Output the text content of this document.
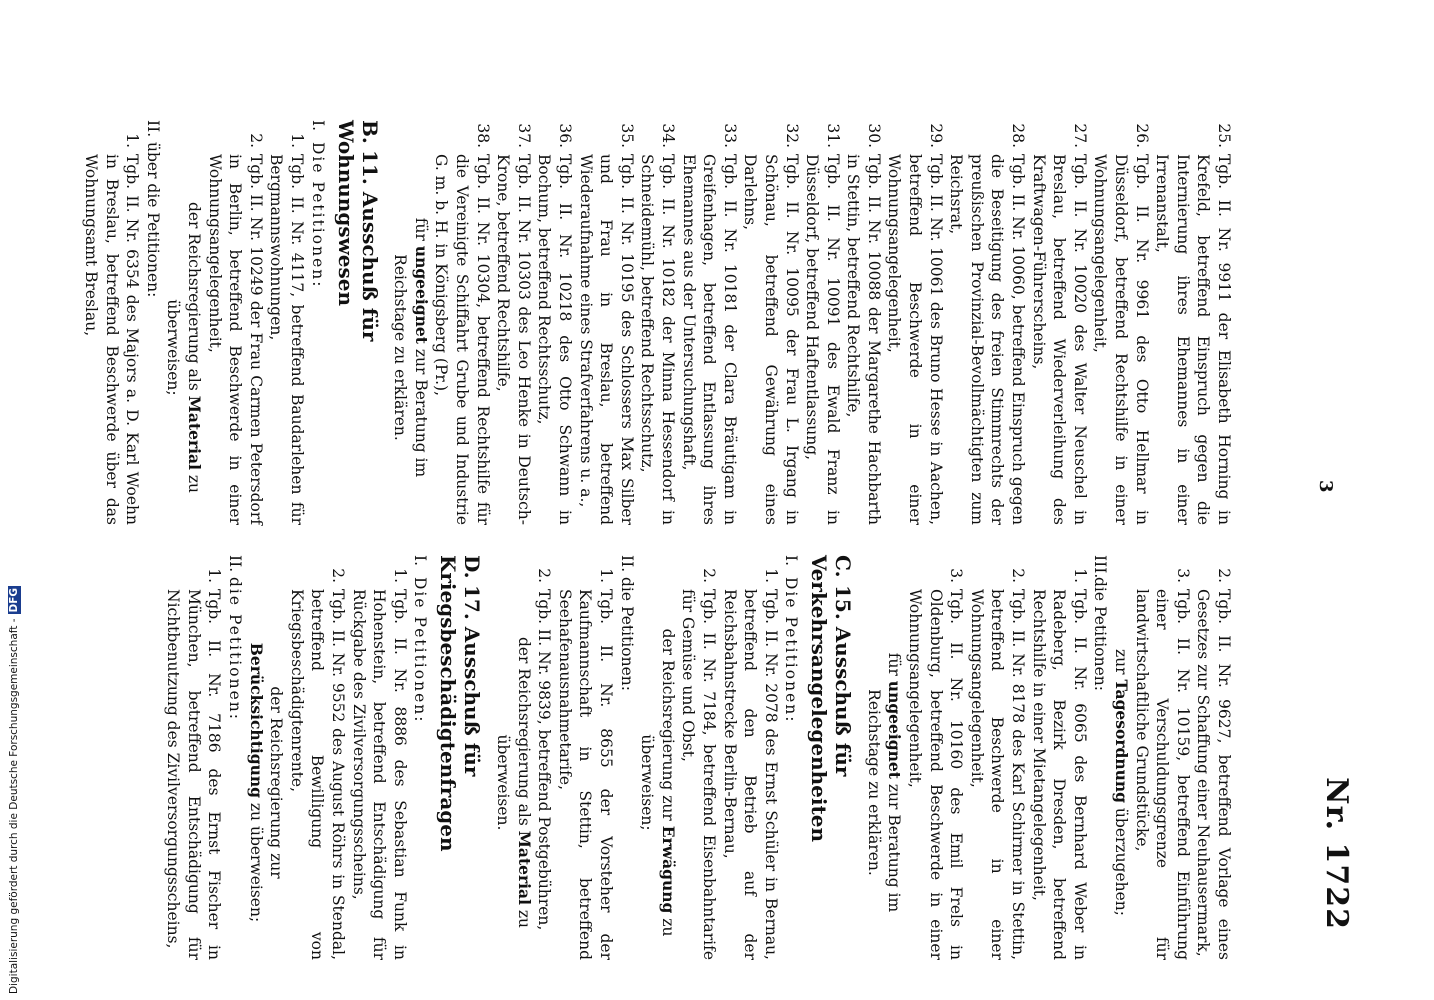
3
Nr. 1722

25.
Tgb. II. Nr. 9911 der Elisabeth Horning in Krefeld, betreffend Einspruch gegen die Internierung ihres Ehemannes in einer Irrenanstalt,

26.
Tgb. II. Nr. 9961 des Otto Hellmar in Düsseldorf, betreffend Rechtshilfe in einer Wohnungsangelegenheit,

27.
Tgb. II. Nr. 10020 des Walter Neuschel in Breslau, betreffend Wiederverleihung des Kraftwagen-Führerscheins,

28.
Tgb. II. Nr. 10060, betreffend Einspruch gegen die Beseitigung des freien Stimmrechts der preußischen Provinzial-Bevollmächtigten zum Reichsrat,

29.
Tgb. II. Nr. 10061 des Bruno Hesse in Aachen, betreffend Beschwerde in einer Wohnungsangelegenheit,

30.
Tgb. II. Nr. 10088 der Margarethe Hachbarth in Stettin, betreffend Rechtshilfe,

31.
Tgb. II. Nr. 10091 des Ewald Franz in Düsseldorf, betreffend Haftentlassung,

32.
Tgb. II. Nr. 10095 der Frau L. Irgang in Schönau, betreffend Gewährung eines Darlehns,

33.
Tgb. II. Nr. 10181 der Clara Bräutigam in Greifenhagen, betreffend Entlassung ihres Ehemannes aus der Untersuchungshaft,

34.
Tgb. II. Nr. 10182 der Minna Hessendorf in Schneidemühl, betreffend Rechtsschutz,

35.
Tgb. II. Nr. 10195 des Schlossers Max Silber und Frau in Breslau, betreffend Wiederaufnahme eines Strafverfahrens u. a.,

36.
Tgb. II. Nr. 10218 des Otto Schwann in Bochum, betreffend Rechtsschutz,

37.
Tgb. II. Nr. 10303 des Leo Henke in Deutsch-Krone, betreffend Rechtshilfe,

38.
Tgb. II. Nr. 10304, betreffend Rechtshilfe für die Vereinigte Schiffahrt Grube und Industrie G. m. b. H. in Königsberg (Pr.),

für ungeeignet zur Beratung im Reichstage zu erklären.

B.11. Ausschuß für Wohnungswesen

I.
Die Petitionen:

1.
Tgb. II. Nr. 4117, betreffend Baudarlehen für Bergmannswohnungen,

2.
Tgb. II. Nr. 10249 der Frau Carmen Petersdorf in Berlin, betreffend Beschwerde in einer Wohnungsangelegenheit,

der Reichsregierung als Material zu überweisen;

II.
über die Petitionen:

1.
Tgb. II. Nr. 6354 des Majors a. D. Karl Woehn in Breslau, betreffend Beschwerde über das Wohnungsamt Breslau,

2.
Tgb. II. Nr. 9627, betreffend Vorlage eines Gesetzes zur Schaffung einer Neuhausermark,

3.
Tgb. II. Nr. 10159, betreffend Einführung einer Verschuldungsgrenze für landwirtschaftliche Grundstücke,

zur Tagesordnung überzugehen;

III.
die Petitionen:

1.
Tgb. II. Nr. 6065 des Bernhard Weber in Radeberg, Bezirk Dresden, betreffend Rechtshilfe in einer Mietangelegenheit,

2.
Tgb. II. Nr. 8178 des Karl Schirmer in Stettin, betreffend Beschwerde in einer Wohnungsangelegenheit,

3.
Tgb. II. Nr. 10160 des Emil Frels in Oldenburg, betreffend Beschwerde in einer Wohnungsangelegenheit,

für ungeeignet zur Beratung im Reichstage zu erklären.

C.15. Ausschuß für Verkehrsangelegenheiten

I.
Die Petitionen:

1.
Tgb. II. Nr. 2078 des Ernst Schüler in Bernau, betreffend den Betrieb auf der Reichsbahnstrecke Berlin-Bernau,

2.
Tgb. II. Nr. 7184, betreffend Eisenbahntarife für Gemüse und Obst,

der Reichsregierung zur Erwägung zu überweisen;

II.
die Petitionen:

1.
Tgb. II. Nr. 8655 der Vorsteher der Kaufmannschaft in Stettin, betreffend Seehafenausnahmetarife,

2.
Tgb. II. Nr. 9839, betreffend Postgebühren,

der Reichsregierung als Material zu überweisen.

D.17. Ausschuß für Kriegsbeschädigtenfragen

I.
Die Petitionen:

1.
Tgb. II. Nr. 8886 des Sebastian Funk in Hohenstein, betreffend Entschädigung für Rückgabe des Zivilversorgungsscheins,

2.
Tgb. II. Nr. 9552 des August Röhrs in Stendal, betreffend Bewilligung von Kriegsbeschädigtenrente,

der Reichsregierung zur Berücksichtigung zu überweisen;

II.
die Petitionen:

1.
Tgb. II. Nr. 7186 des Ernst Fischer in München, betreffend Entschädigung für Nichtbenutzung des Zivilversorgungsscheins,

Digitalisierung gefördert durch die Deutsche Forschungsgemeinschaft -DFG
